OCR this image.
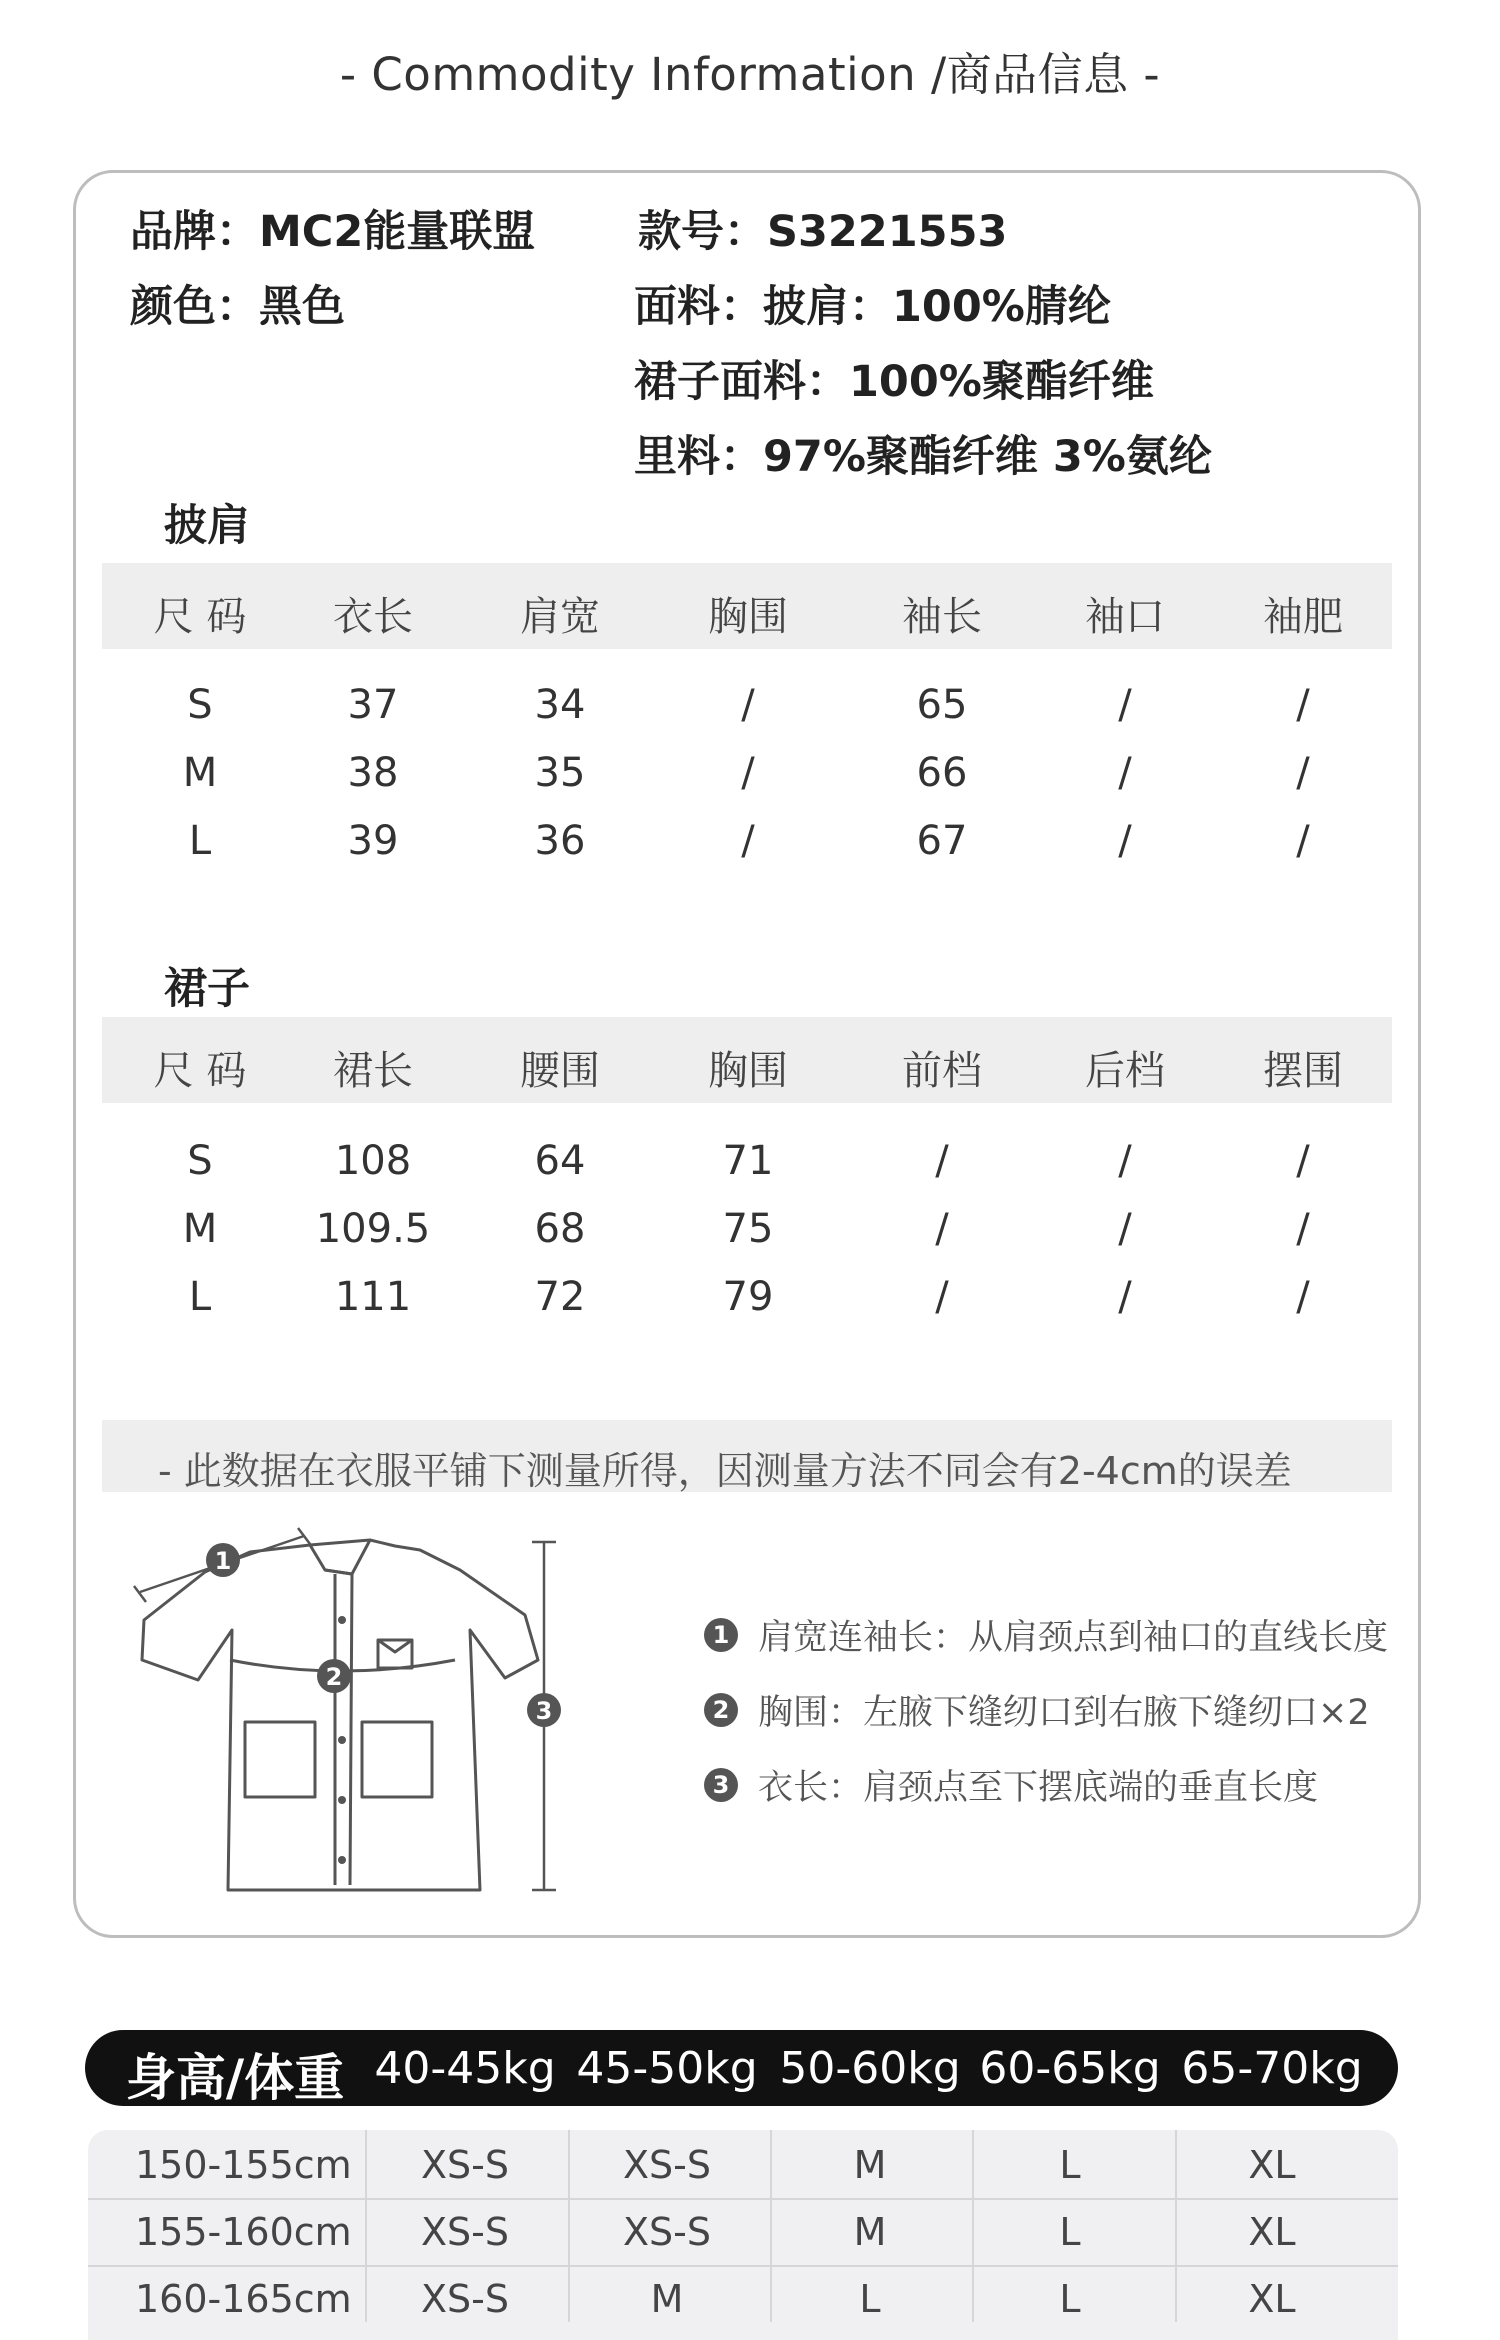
- Commodity Information /商品信息 -
品牌：MC2能量联盟 款号：S3221553
颜色：黑色	面料：披肩：100%腈纶
裙子面料：100%聚酯纤维
里料：97%聚酯纤维 3%氨纶
披肩
尺 码	衣长	肩宽	胸围	袖长	袖口	袖肥
S	37	34	/	65	/	/
M	38	35	/	66	/	/
L	39	36	/	67	/	/
裙子
尺 码	裙长	腰围	胸围	前档	后档	摆围
S	108	64	71	/	/	/
M	109.5	68	75	/	/	/
L	111	72	79	/	/	/
- 此数据在衣服平铺下测量所得，因测量方法不同会有2-4cm的误差
1
2
3
1 肩宽连袖长：从肩颈点到袖口的直线长度
2 胸围：左腋下缝纫口到右腋下缝纫口×2
3 衣长：肩颈点至下摆底端的垂直长度
身高/体重 40-45kg 45-50kg 50-60kg 60-65kg 65-70kg
150-155cm	XS-S	XS-S	M	L	XL
155-160cm	XS-S	XS-S	M	L	XL
160-165cm	XS-S	M	L	L	XL
